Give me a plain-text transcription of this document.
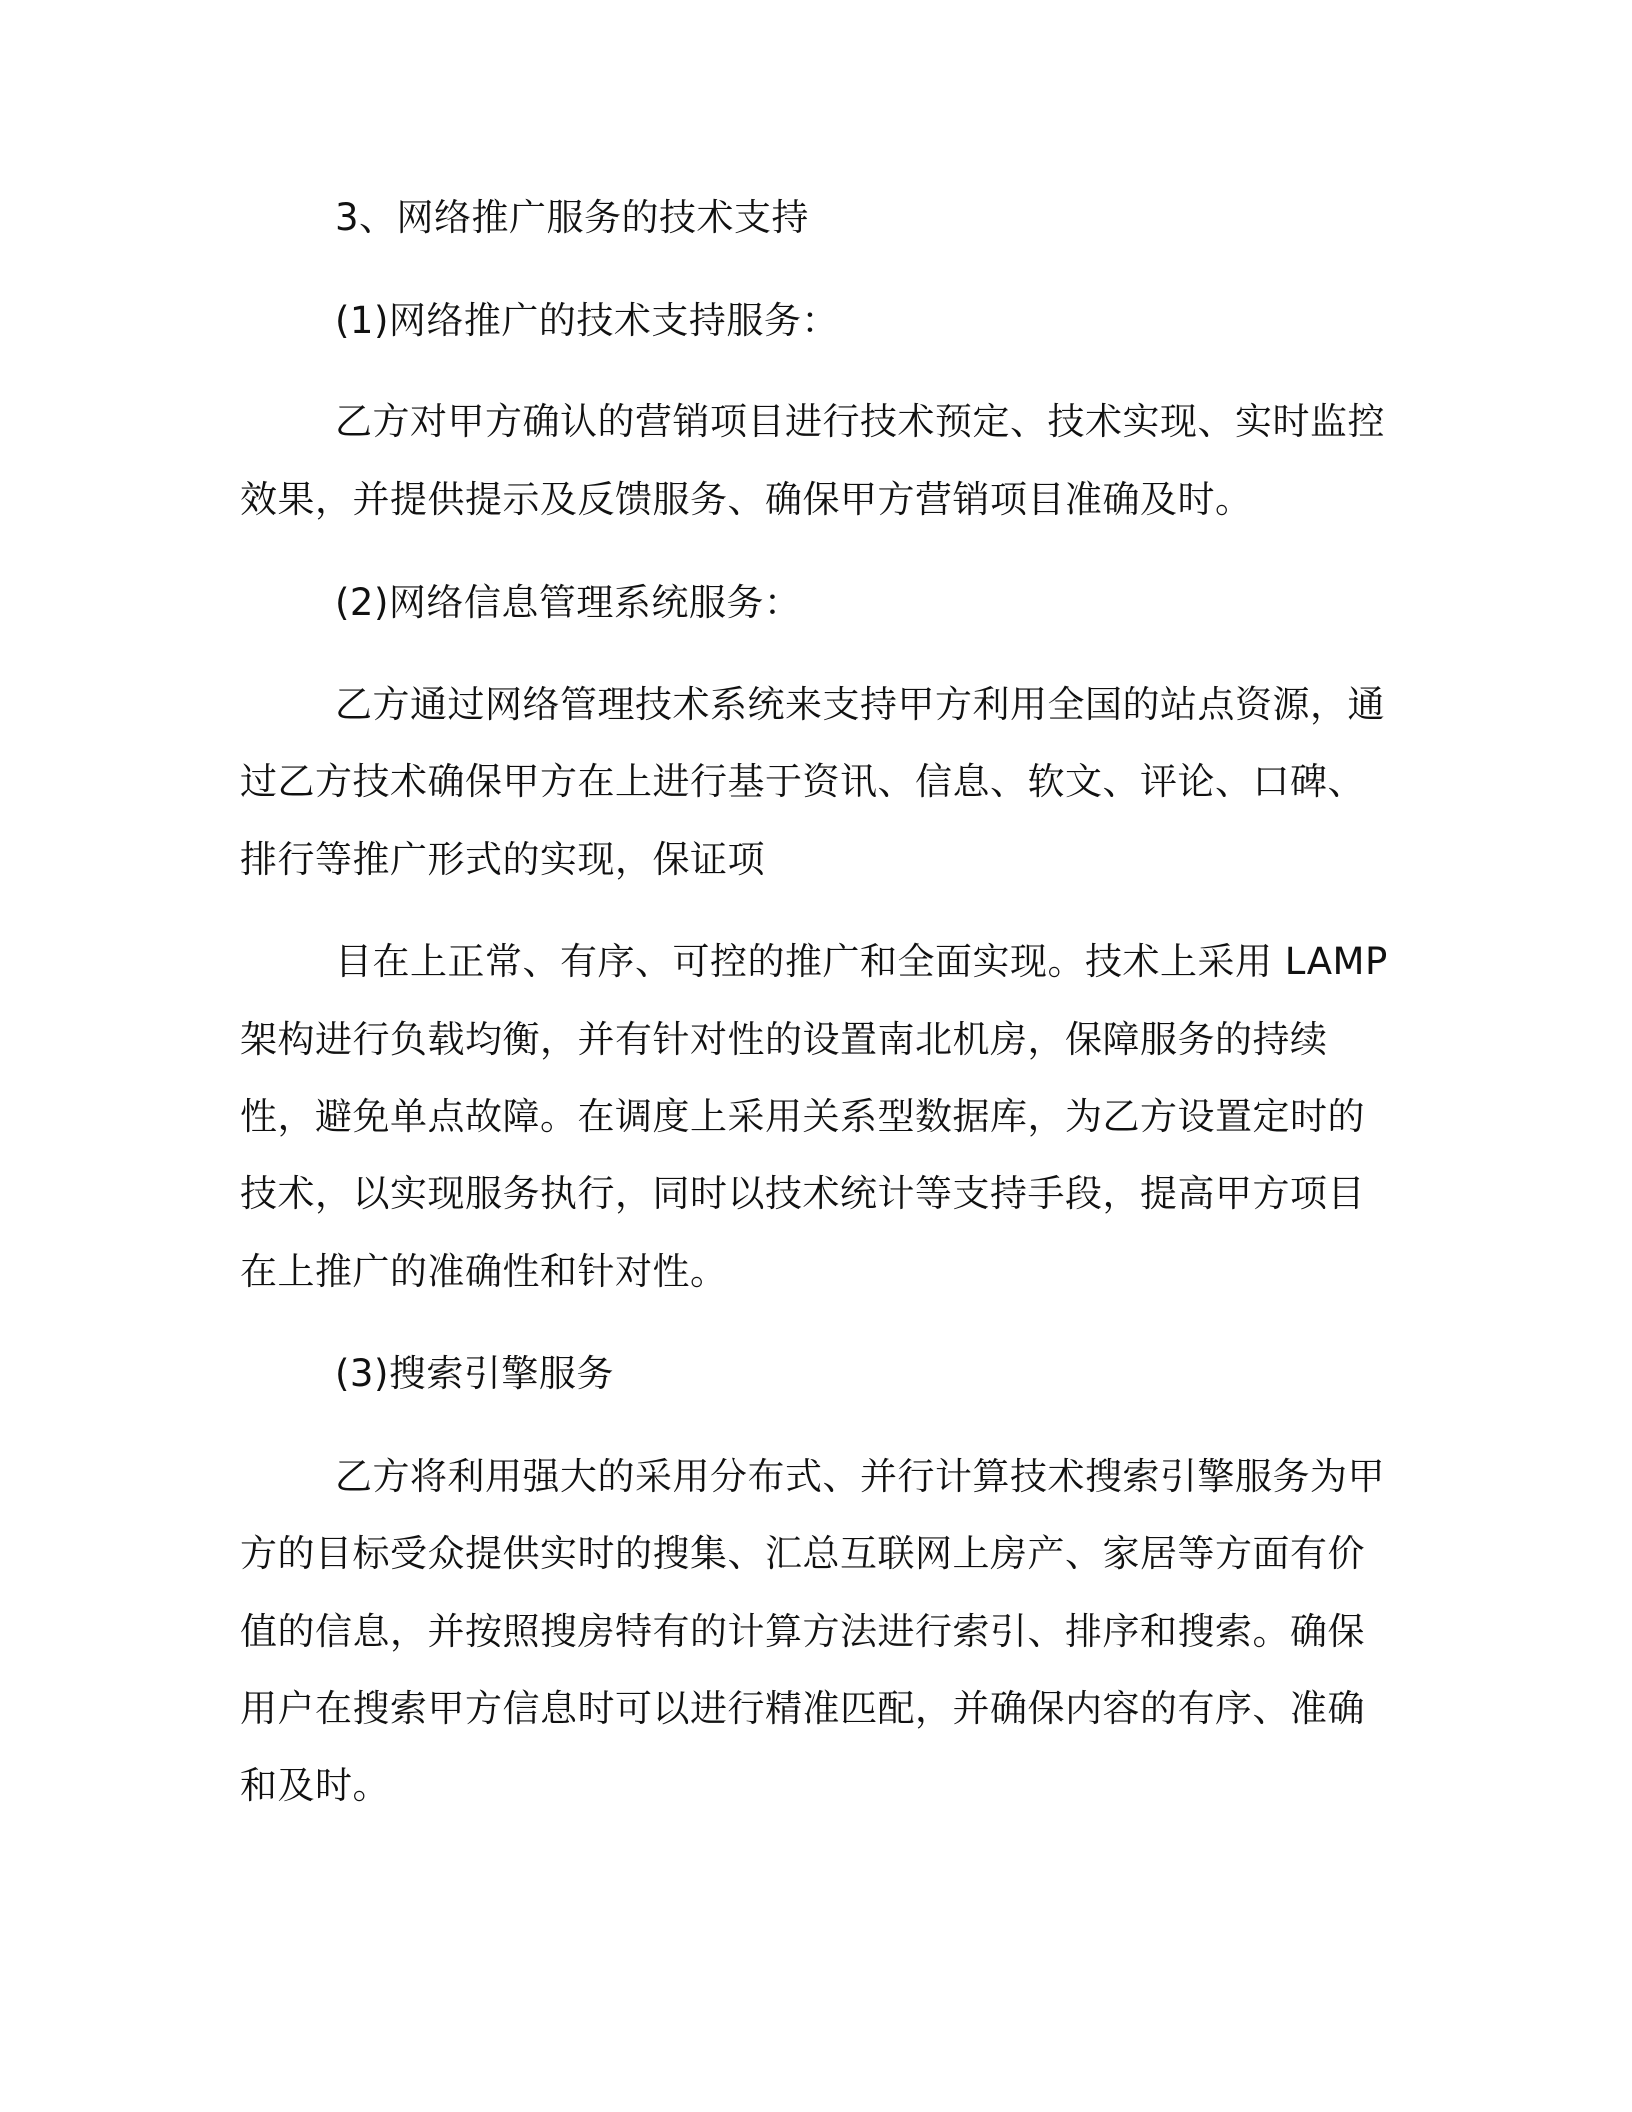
3、网络推广服务的技术支持
(1)网络推广的技术支持服务：
乙方对甲方确认的营销项目进行技术预定、技术实现、实时监控
效果，并提供提示及反馈服务、确保甲方营销项目准确及时。
(2)网络信息管理系统服务：
乙方通过网络管理技术系统来支持甲方利用全国的站点资源，通
过乙方技术确保甲方在上进行基于资讯、信息、软文、评论、口碑、
排行等推广形式的实现，保证项
目在上正常、有序、可控的推广和全面实现。技术上采用 LAMP
架构进行负载均衡，并有针对性的设置南北机房，保障服务的持续
性，避免单点故障。在调度上采用关系型数据库，为乙方设置定时的
技术，以实现服务执行，同时以技术统计等支持手段，提高甲方项目
在上推广的准确性和针对性。
(3)搜索引擎服务
乙方将利用强大的采用分布式、并行计算技术搜索引擎服务为甲
方的目标受众提供实时的搜集、汇总互联网上房产、家居等方面有价
值的信息，并按照搜房特有的计算方法进行索引、排序和搜索。确保
用户在搜索甲方信息时可以进行精准匹配，并确保内容的有序、准确
和及时。
